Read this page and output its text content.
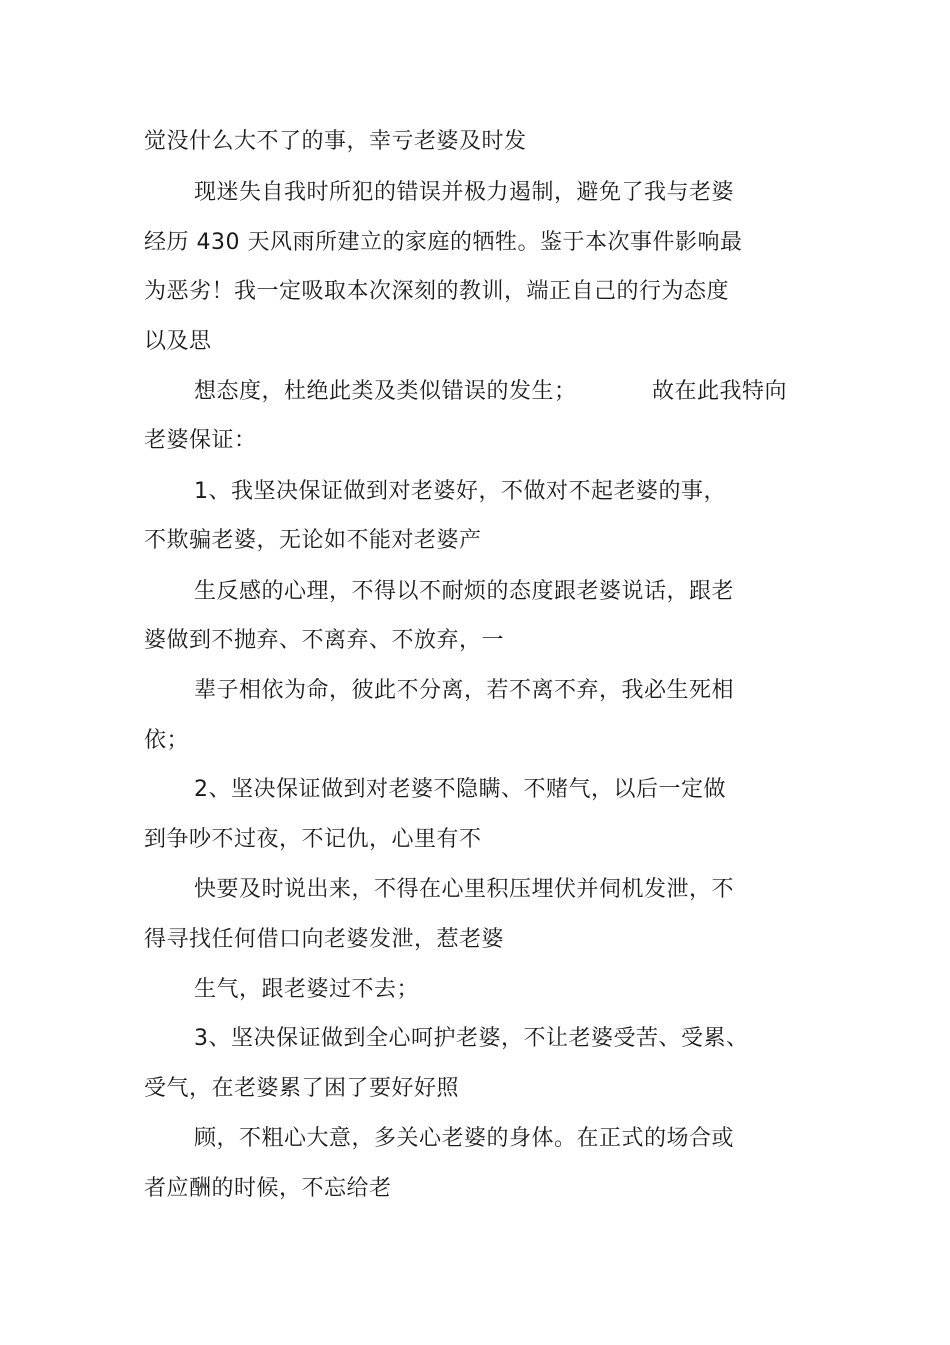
觉没什么大不了的事，幸亏老婆及时发
现迷失自我时所犯的错误并极力遏制，避免了我与老婆
经历 430 天风雨所建立的家庭的牺牲。鉴于本次事件影响最
为恶劣！我一定吸取本次深刻的教训，端正自己的行为态度
以及思
想态度，杜绝此类及类似错误的发生；	故在此我特向
老婆保证：
1、我坚决保证做到对老婆好，不做对不起老婆的事，
不欺骗老婆，无论如不能对老婆产
生反感的心理，不得以不耐烦的态度跟老婆说话，跟老
婆做到不抛弃、不离弃、不放弃，一
辈子相依为命，彼此不分离，若不离不弃，我必生死相
依；
2、坚决保证做到对老婆不隐瞒、不赌气，以后一定做
到争吵不过夜，不记仇，心里有不
快要及时说出来，不得在心里积压埋伏并伺机发泄，不
得寻找任何借口向老婆发泄，惹老婆
生气，跟老婆过不去；
3、坚决保证做到全心呵护老婆，不让老婆受苦、受累、
受气，在老婆累了困了要好好照
顾，不粗心大意，多关心老婆的身体。在正式的场合或
者应酬的时候，不忘给老
